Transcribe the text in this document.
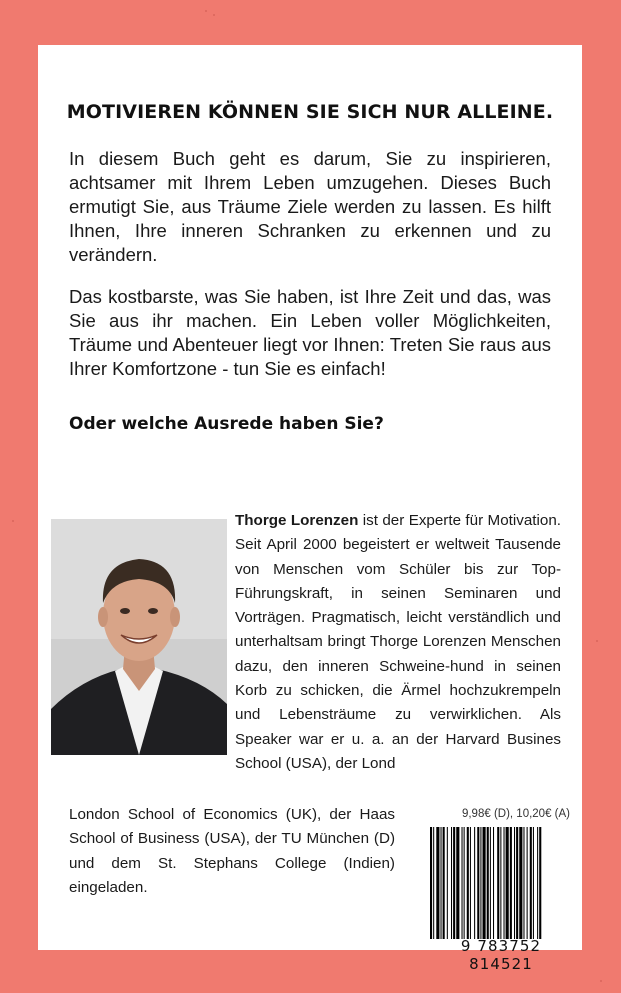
MOTIVIEREN KÖNNEN SIE SICH NUR ALLEINE.
In diesem Buch geht es darum, Sie zu inspirieren, achtsamer mit Ihrem Leben umzugehen. Dieses Buch ermutigt Sie, aus Träume Ziele werden zu lassen. Es hilft Ihnen, Ihre inneren Schranken zu erkennen und zu verändern.
Das kostbarste, was Sie haben, ist Ihre Zeit und das, was Sie aus ihr machen. Ein Leben voller Möglichkeiten, Träume und Abenteuer liegt vor Ihnen: Treten Sie raus aus Ihrer Komfortzone - tun Sie es einfach!
Oder welche Ausrede haben Sie?
Thorge Lorenzen ist der Experte für Motivation. Seit April 2000 begeistert er weltweit Tausende von Menschen vom Schüler bis zur Top-Führungskraft, in seinen Seminaren und Vorträgen. Pragmatisch, leicht verständlich und unterhaltsam bringt Thorge Lorenzen Menschen dazu, den inneren Schweine-hund in seinen Korb zu schicken, die Ärmel hochzukrempeln und Lebensträume zu verwirklichen. Als Speaker war er u. a. an der Harvard Busines School (USA), der Lond
London School of Economics (UK), der Haas School of Business (USA), der TU München (D) und dem St. Stephans College (Indien) eingeladen.
9,98€ (D), 10,20€ (A)
9 783752 814521
